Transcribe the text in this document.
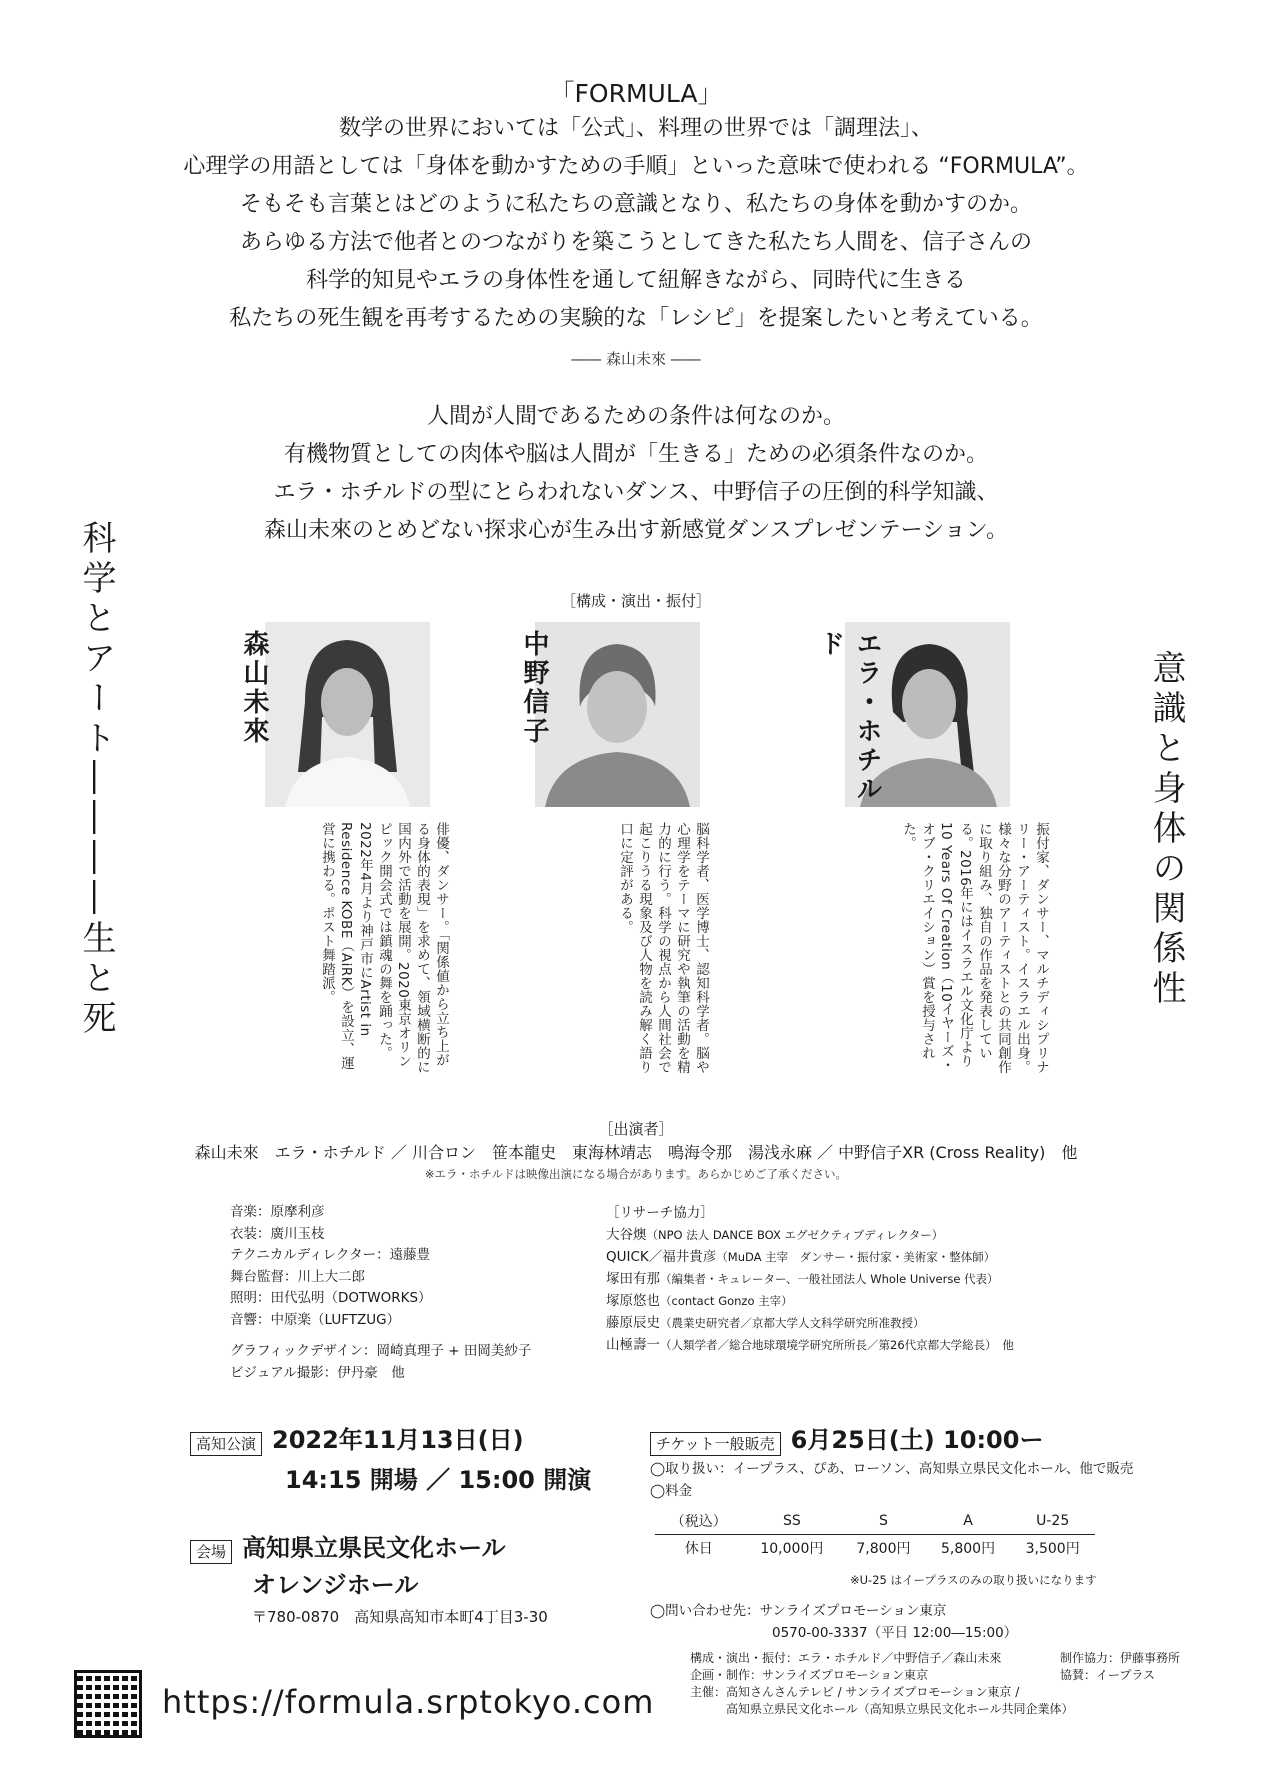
「FORMULA」
数学の世界においては「公式」、料理の世界では「調理法」、
心理学の用語としては「身体を動かすための手順」といった意味で使われる “FORMULA”。
そもそも言葉とはどのように私たちの意識となり、私たちの身体を動かすのか。
あらゆる方法で他者とのつながりを築こうとしてきた私たち人間を、信子さんの
科学的知見やエラの身体性を通して紐解きながら、同時代に生きる
私たちの死生観を再考するための実験的な「レシピ」を提案したいと考えている。
―― 森山未來 ――
人間が人間であるための条件は何なのか。
有機物質としての肉体や脳は人間が「生きる」ための必須条件なのか。
エラ・ホチルドの型にとらわれないダンス、中野信子の圧倒的科学知識、
森山未來のとめどない探求心が生み出す新感覚ダンスプレゼンテーション。
科学とアート――――生と死	意識と身体の関係性
［構成・演出・振付］
森山未來
俳優、ダンサー。「関係値から立ち上がる身体的表現」を求めて、領域横断的に国内外で活動を展開。2020東京オリンピック開会式では鎮魂の舞を踊った。2022年4月より神戸市にArtist in Residence KOBE（AiRK）を設立、運営に携わる。ポスト舞踏派。
中野信子
脳科学者、医学博士、認知科学者。脳や心理学をテーマに研究や執筆の活動を精力的に行う。科学の視点から人間社会で起こりうる現象及び人物を読み解く語り口に定評がある。
エラ・ホチルド
振付家、ダンサー、マルチディシプリナリー・アーティスト。イスラエル出身。様々な分野のアーティストとの共同創作に取り組み、独自の作品を発表している。2016年にはイスラエル文化庁より10 Years Of Creation（10イヤーズ・オブ・クリエイション）賞を授与された。
［出演者］
森山未來　エラ・ホチルド ／ 川合ロン　笹本龍史　東海林靖志　鳴海令那　湯浅永麻 ／ 中野信子XR (Cross Reality)　他
※エラ・ホチルドは映像出演になる場合があります。あらかじめご了承ください。
音楽：原摩利彦
衣装：廣川玉枝
テクニカルディレクター：遠藤豊
舞台監督：川上大二郎
照明：田代弘明（DOTWORKS）
音響：中原楽（LUFTZUG）
グラフィックデザイン：岡崎真理子 + 田岡美紗子
ビジュアル撮影：伊丹豪　他
［リサーチ協力］
大谷燠（NPO 法人 DANCE BOX エグゼクティブディレクター）
QUICK／福井貴彦（MuDA 主宰　ダンサー・振付家・美術家・整体師）
塚田有那（編集者・キュレーター、一般社団法人 Whole Universe 代表）
塚原悠也（contact Gonzo 主宰）
藤原辰史（農業史研究者／京都大学人文科学研究所准教授）
山極壽一（人類学者／総合地球環境学研究所所長／第26代京都大学総長）　他
高知公演 2022年11月13日(日)
14:15 開場 ／ 15:00 開演
会場 高知県立県民文化ホール
オレンジホール
〒780-0870　高知県高知市本町4丁目3-30
チケット一般販売 6月25日(土) 10:00ー
◯取り扱い：イープラス、ぴあ、ローソン、高知県立県民文化ホール、他で販売
◯料金
（税込）	SS	S	A	U-25
休日	10,000円	7,800円	5,800円	3,500円
※U-25 はイープラスのみの取り扱いになります
◯問い合わせ先：サンライズプロモーション東京
0570-00-3337（平日 12:00―15:00）
構成・演出・振付：エラ・ホチルド／中野信子／森山未來
企画・制作：サンライズプロモーション東京
主催：高知さんさんテレビ / サンライズプロモーション東京 /
　　　高知県立県民文化ホール（高知県立県民文化ホール共同企業体）
制作協力：伊藤事務所
協賛：イープラス
https://formula.srptokyo.com
